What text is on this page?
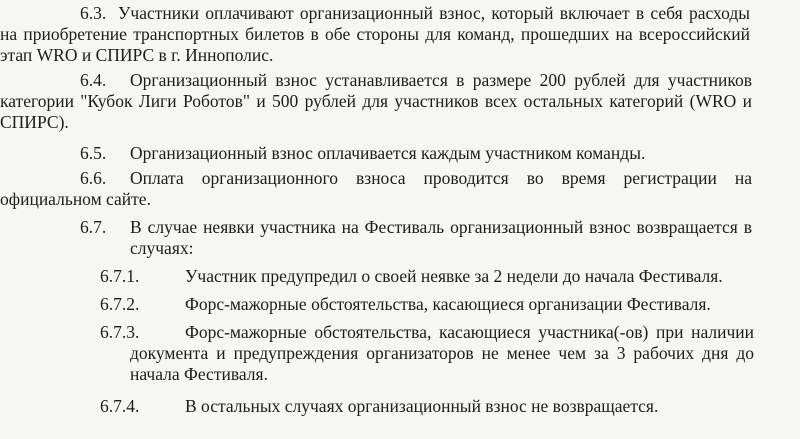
6.3. Участники оплачивают организационный взнос, который включает в себя расходы на приобретение транспортных билетов в обе стороны для команд, прошедших на всероссийский этап WRO и СПИРС в г. Иннополис.
6.4.	Организационный взнос устанавливается в размере 200 рублей для участников категории "Кубок Лиги Роботов" и 500 рублей для участников всех остальных категорий (WRO и СПИРС).
6.5.	Организационный взнос оплачивается каждым участником команды.
6.6.	Оплата организационного взноса проводится во время регистрации на официальном сайте.
6.7. В случае неявки участника на Фестиваль организационный взнос возвращается в случаях:
6.7.1.	Участник предупредил о своей неявке за 2 недели до начала Фестиваля.
6.7.2.	Форс-мажорные обстоятельства, касающиеся организации Фестиваля.
6.7.3.	Форс-мажорные обстоятельства, касающиеся участника(-ов) при наличии документа и предупреждения организаторов не менее чем за 3 рабочих дня до начала Фестиваля.
6.7.4.	В остальных случаях организационный взнос не возвращается.
